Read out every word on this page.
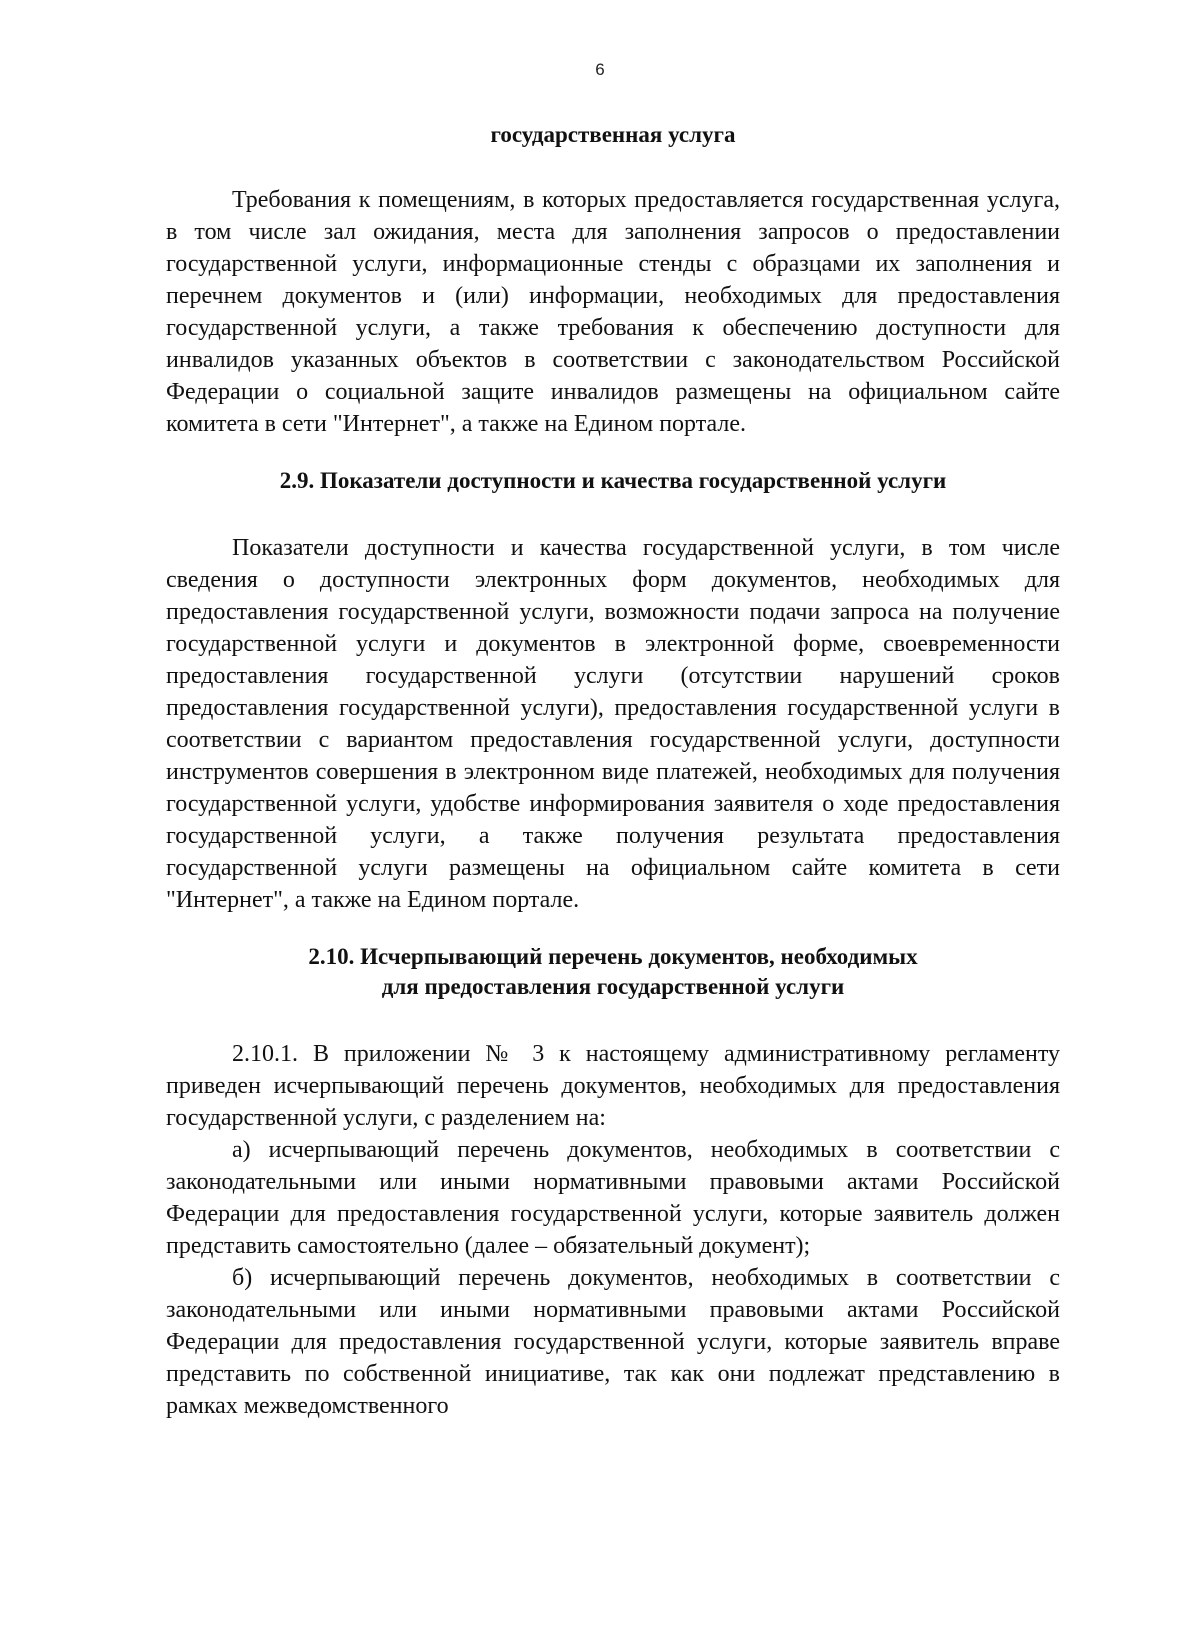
6
государственная услуга

Требования к помещениям, в которых предоставляется государственная услуга, в том числе зал ожидания, места для заполнения запросов о предоставлении государственной услуги, информационные стенды с образцами их заполнения и перечнем документов и (или) информации, необходимых для предоставления государственной услуги, а также требования к обеспечению доступности для инвалидов указанных объектов в соответствии с законодательством Российской Федерации о социальной защите инвалидов размещены на официальном сайте комитета в сети "Интернет", а также на Едином портале.

2.9. Показатели доступности и качества государственной услуги

Показатели доступности и качества государственной услуги, в том числе сведения о доступности электронных форм документов, необходимых для предоставления государственной услуги, возможности подачи запроса на получение государственной услуги и документов в электронной форме, своевременности предоставления государственной услуги (отсутствии нарушений сроков предоставления государственной услуги), предоставления государственной услуги в соответствии с вариантом предоставления государственной услуги, доступности инструментов совершения в электронном виде платежей, необходимых для получения государственной услуги, удобстве информирования заявителя о ходе предоставления государственной услуги, а также получения результата предоставления государственной услуги размещены на официальном сайте комитета в сети "Интернет", а также на Едином портале.

2.10. Исчерпывающий перечень документов, необходимых
для предоставления государственной услуги

2.10.1. В приложении № 3 к настоящему административному регламенту приведен исчерпывающий перечень документов, необходимых для предоставления государственной услуги, с разделением на:

а) исчерпывающий перечень документов, необходимых в соответствии с законодательными или иными нормативными правовыми актами Российской Федерации для предоставления государственной услуги, которые заявитель должен представить самостоятельно (далее – обязательный документ);

б) исчерпывающий перечень документов, необходимых в соответствии с законодательными или иными нормативными правовыми актами Российской Федерации для предоставления государственной услуги, которые заявитель вправе представить по собственной инициативе, так как они подлежат представлению в рамках межведомственного
